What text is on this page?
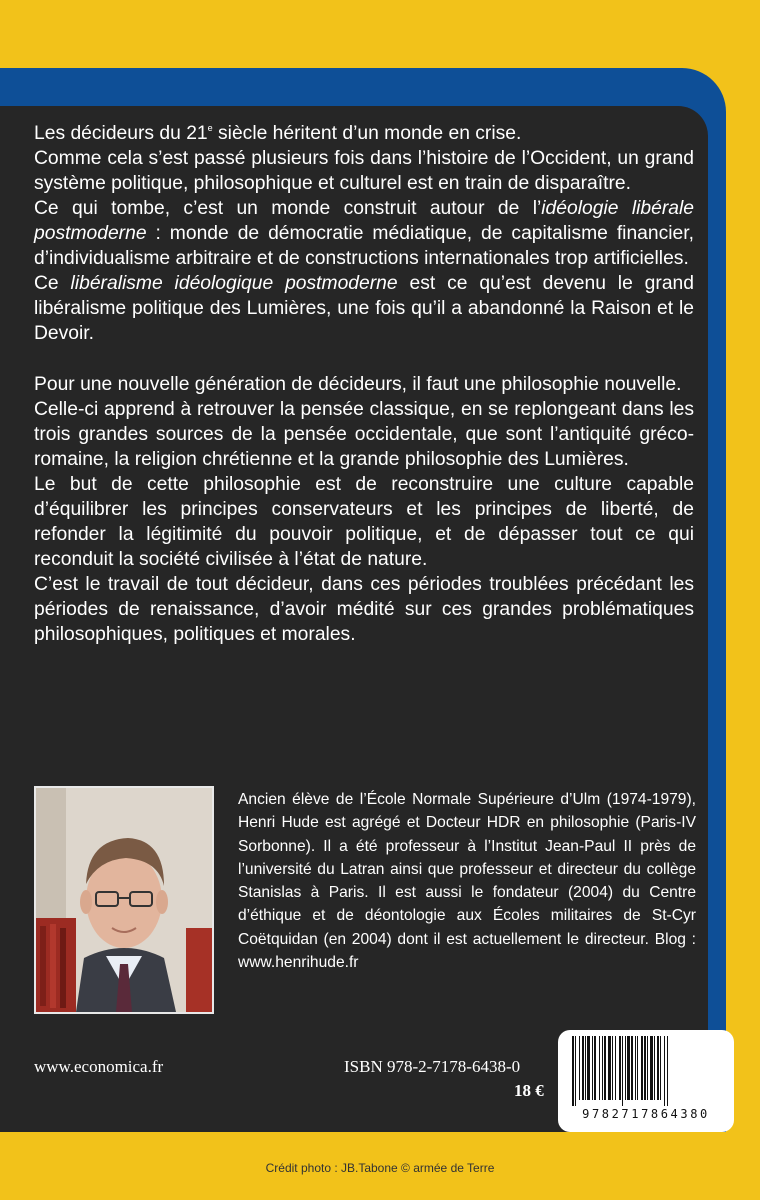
Les décideurs du 21e siècle héritent d’un monde en crise.

Comme cela s’est passé plusieurs fois dans l’histoire de l’Occident, un grand système politique, philosophique et culturel est en train de disparaître.

Ce qui tombe, c’est un monde construit autour de l’idéologie libérale postmoderne : monde de démocratie médiatique, de capitalisme financier, d’individualisme arbitraire et de constructions internationales trop artificielles.

Ce libéralisme idéologique postmoderne est ce qu’est devenu le grand libéralisme politique des Lumières, une fois qu’il a abandonné la Raison et le Devoir.

Pour une nouvelle génération de décideurs, il faut une philosophie nouvelle.

Celle-ci apprend à retrouver la pensée classique, en se replongeant dans les trois grandes sources de la pensée occidentale, que sont l’antiquité gréco-romaine, la religion chrétienne et la grande philosophie des Lumières.

Le but de cette philosophie est de reconstruire une culture capable d’équilibrer les principes conservateurs et les principes de liberté, de refonder la légitimité du pouvoir politique, et de dépasser tout ce qui reconduit la société civilisée à l’état de nature.

C’est le travail de tout décideur, dans ces périodes troublées précédant les périodes de renaissance, d’avoir médité sur ces grandes problématiques philosophiques, politiques et morales.

Ancien élève de l’École Normale Supérieure d’Ulm (1974-1979), Henri Hude est agrégé et Docteur HDR en philosophie (Paris-IV Sorbonne). Il a été professeur à l’Institut Jean-Paul II près de l’université du Latran ainsi que professeur et directeur du collège Stanislas à Paris. Il est aussi le fondateur (2004) du Centre d’éthique et de déontologie aux Écoles militaires de St-Cyr Coëtquidan (en 2004) dont il est actuellement le directeur. Blog : www.henrihude.fr
www.economica.fr	ISBN 978-2-7178-6438-0
18 €
9782717864380
Crédit photo : JB.Tabone © armée de Terre
